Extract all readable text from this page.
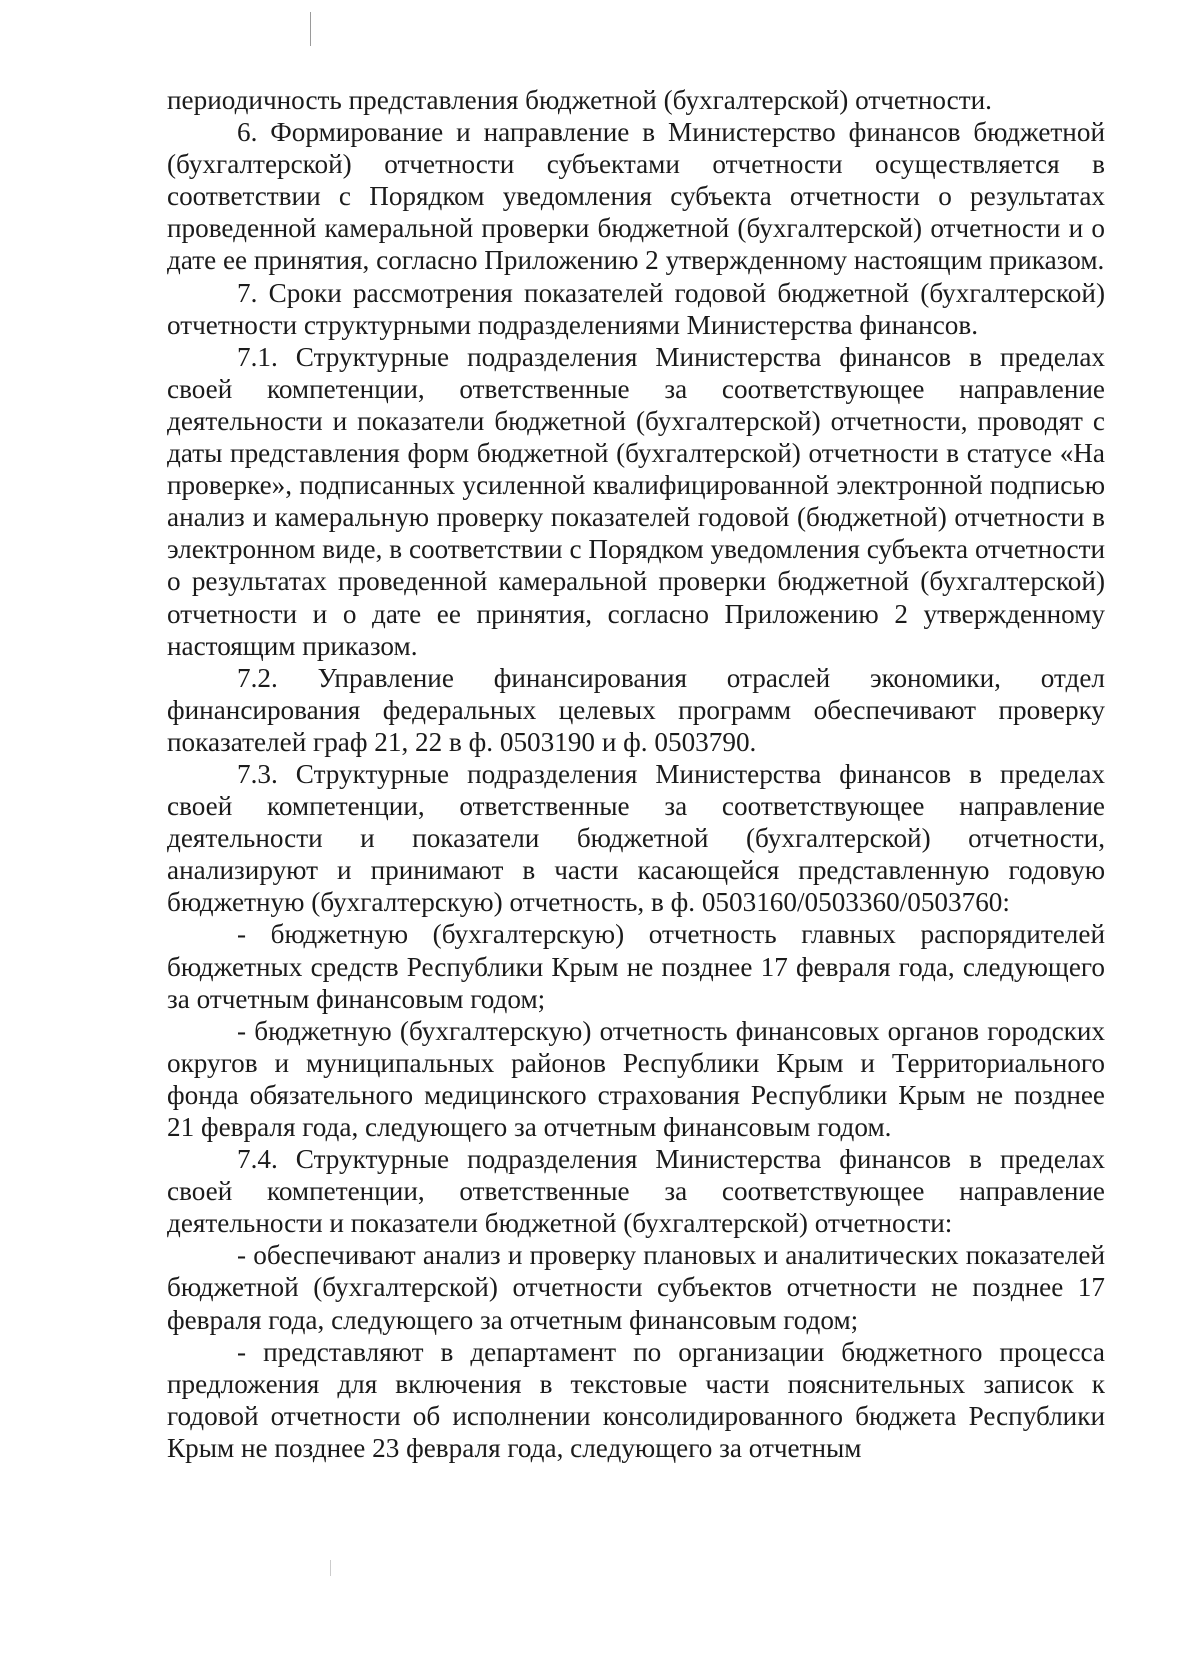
периодичность представления бюджетной (бухгалтерской) отчетности.

6. Формирование и направление в Министерство финансов бюджетной (бухгалтерской) отчетности субъектами отчетности осуществляется в соответствии с Порядком уведомления субъекта отчетности о результатах проведенной камеральной проверки бюджетной (бухгалтерской) отчетности и о дате ее принятия, согласно Приложению 2 утвержденному настоящим приказом.

7. Сроки рассмотрения показателей годовой бюджетной (бухгалтерской) отчетности структурными подразделениями Министерства финансов.

7.1. Структурные подразделения Министерства финансов в пределах своей компетенции, ответственные за соответствующее направление деятельности и показатели бюджетной (бухгалтерской) отчетности, проводят с даты представления форм бюджетной (бухгалтерской) отчетности в статусе «На проверке», подписанных усиленной квалифицированной электронной подписью анализ и камеральную проверку показателей годовой (бюджетной) отчетности в электронном виде, в соответствии с Порядком уведомления субъекта отчетности о результатах проведенной камеральной проверки бюджетной (бухгалтерской) отчетности и о дате ее принятия, согласно Приложению 2 утвержденному настоящим приказом.

7.2. Управление финансирования отраслей экономики, отдел финансирования федеральных целевых программ обеспечивают проверку показателей граф 21, 22 в ф. 0503190 и ф. 0503790.

7.3. Структурные подразделения Министерства финансов в пределах своей компетенции, ответственные за соответствующее направление деятельности и показатели бюджетной (бухгалтерской) отчетности, анализируют и принимают в части касающейся представленную годовую бюджетную (бухгалтерскую) отчетность, в ф. 0503160/0503360/0503760:

- бюджетную (бухгалтерскую) отчетность главных распорядителей бюджетных средств Республики Крым не позднее 17 февраля года, следующего за отчетным финансовым годом;

- бюджетную (бухгалтерскую) отчетность финансовых органов городских округов и муниципальных районов Республики Крым и Территориального фонда обязательного медицинского страхования Республики Крым не позднее 21 февраля года, следующего за отчетным финансовым годом.

7.4. Структурные подразделения Министерства финансов в пределах своей компетенции, ответственные за соответствующее направление деятельности и показатели бюджетной (бухгалтерской) отчетности:

- обеспечивают анализ и проверку плановых и аналитических показателей бюджетной (бухгалтерской) отчетности субъектов отчетности не позднее 17 февраля года, следующего за отчетным финансовым годом;

- представляют в департамент по организации бюджетного процесса предложения для включения в текстовые части пояснительных записок к годовой отчетности об исполнении консолидированного бюджета Республики Крым не позднее 23 февраля года, следующего за отчетным
